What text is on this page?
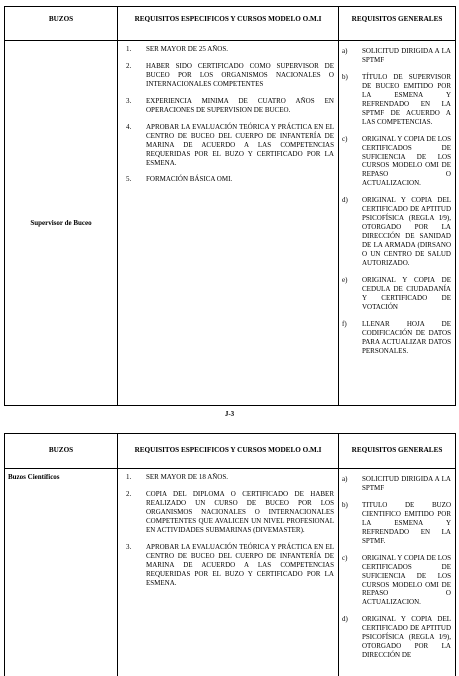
BUZOS	REQUISITOS ESPECIFICOS Y CURSOS MODELO O.M.I	REQUISITOS GENERALES
Supervisor de Buceo
1.	SER MAYOR DE 25 AÑOS.
2.	HABER SIDO CERTIFICADO COMO SUPERVISOR DE BUCEO POR LOS ORGANISMOS NACIONALES O INTERNACIONALES COMPETENTES
3.	EXPERIENCIA MINIMA DE CUATRO AÑOS EN OPERACIONES DE SUPERVISION DE BUCEO.
4.	APROBAR LA EVALUACIÓN TEÓRICA Y PRÁCTICA EN EL CENTRO DE BUCEO DEL CUERPO DE INFANTERÍA DE MARINA DE ACUERDO A LAS COMPETENCIAS REQUERIDAS POR EL BUZO Y CERTIFICADO POR LA ESMENA.
5.	FORMACIÓN BÁSICA OMI.
a)	SOLICITUD DIRIGIDA A LA SPTMF
b)	TÍTULO DE SUPERVISOR DE BUCEO EMITIDO POR LA ESMENA Y REFRENDADO EN LA SPTMF DE ACUERDO A LAS COMPETENCIAS.
c)	ORIGINAL Y COPIA DE LOS CERTIFICADOS DE SUFICIENCIA DE LOS CURSOS MODELO OMI DE REPASO O ACTUALIZACION.
d)	ORIGINAL Y COPIA DEL CERTIFICADO DE APTITUD PSICOFÍSICA (REGLA I/9), OTORGADO POR LA DIRECCIÓN DE SANIDAD DE LA ARMADA (DIRSANO O UN CENTRO DE SALUD AUTORIZADO.
e)	ORIGINAL Y COPIA DE CEDULA DE CIUDADANÍA Y CERTIFICADO DE VOTACIÓN
f)	LLENAR HOJA DE CODIFICACIÓN DE DATOS PARA ACTUALIZAR DATOS PERSONALES.
J-3
BUZOS	REQUISITOS ESPECIFICOS Y CURSOS MODELO O.M.I	REQUISITOS GENERALES
Buzos Científicos	1.	SER MAYOR DE 18 AÑOS.
2.	COPIA DEL DIPLOMA O CERTIFICADO DE HABER REALIZADO UN CURSO DE BUCEO POR LOS ORGANISMOS NACIONALES O INTERNACIONALES COMPETENTES QUE AVALICEN UN NIVEL PROFESIONAL EN ACTIVIDADES SUBMARINAS (DIVEMASTER).
3.	APROBAR LA EVALUACIÓN TEÓRICA Y PRÁCTICA EN EL CENTRO DE BUCEO DEL CUERPO DE INFANTERÍA DE MARINA DE ACUERDO A LAS COMPETENCIAS REQUERIDAS POR EL BUZO Y CERTIFICADO POR LA ESMENA.
a)	SOLICITUD DIRIGIDA A LA SPTMF
b)	TITULO DE BUZO CIENTIFICO EMITIDO POR LA ESMENA Y REFRENDADO EN LA SPTMF.
c)	ORIGINAL Y COPIA DE LOS CERTIFICADOS DE SUFICIENCIA DE LOS CURSOS MODELO OMI DE REPASO O ACTUALIZACION.
d)	ORIGINAL Y COPIA DEL CERTIFICADO DE APTITUD PSICOFÍSICA (REGLA I/9), OTORGADO POR LA DIRECCIÓN DE
